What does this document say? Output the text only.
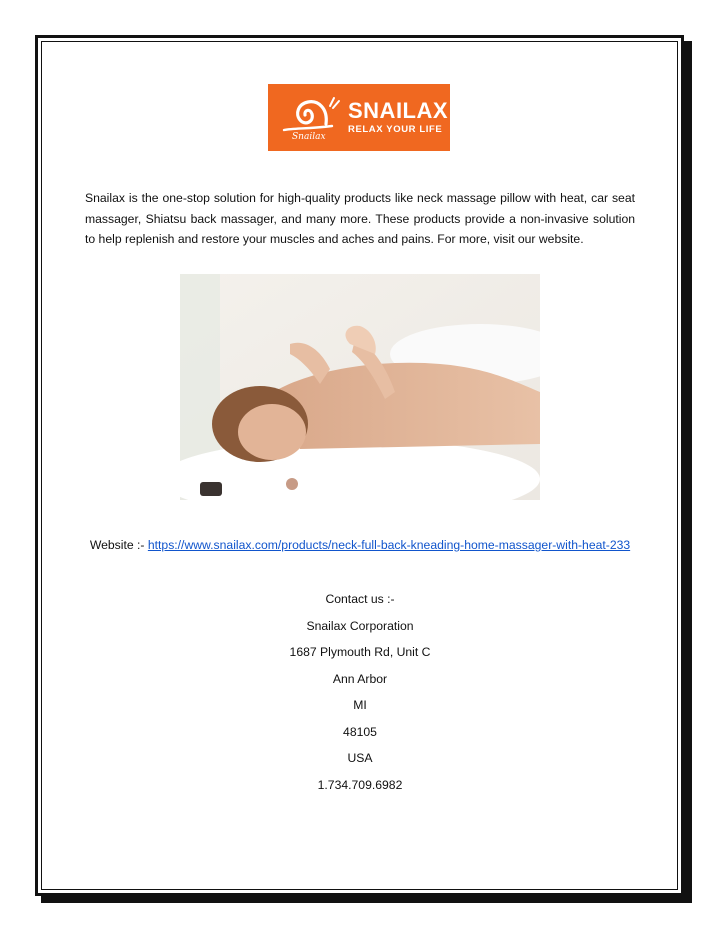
Snailax
SNAILAX
RELAX YOUR LIFE
Snailax is the one-stop solution for high-quality products like neck massage pillow with heat, car seat massager, Shiatsu back massager, and many more. These products provide a non-invasive solution to help replenish and restore your muscles and aches and pains. For more, visit our website.
Website :- https://www.snailax.com/products/neck-full-back-kneading-home-massager-with-heat-233
Contact us :-
Snailax Corporation
1687 Plymouth Rd, Unit C
Ann Arbor
MI
48105
USA
1.734.709.6982
